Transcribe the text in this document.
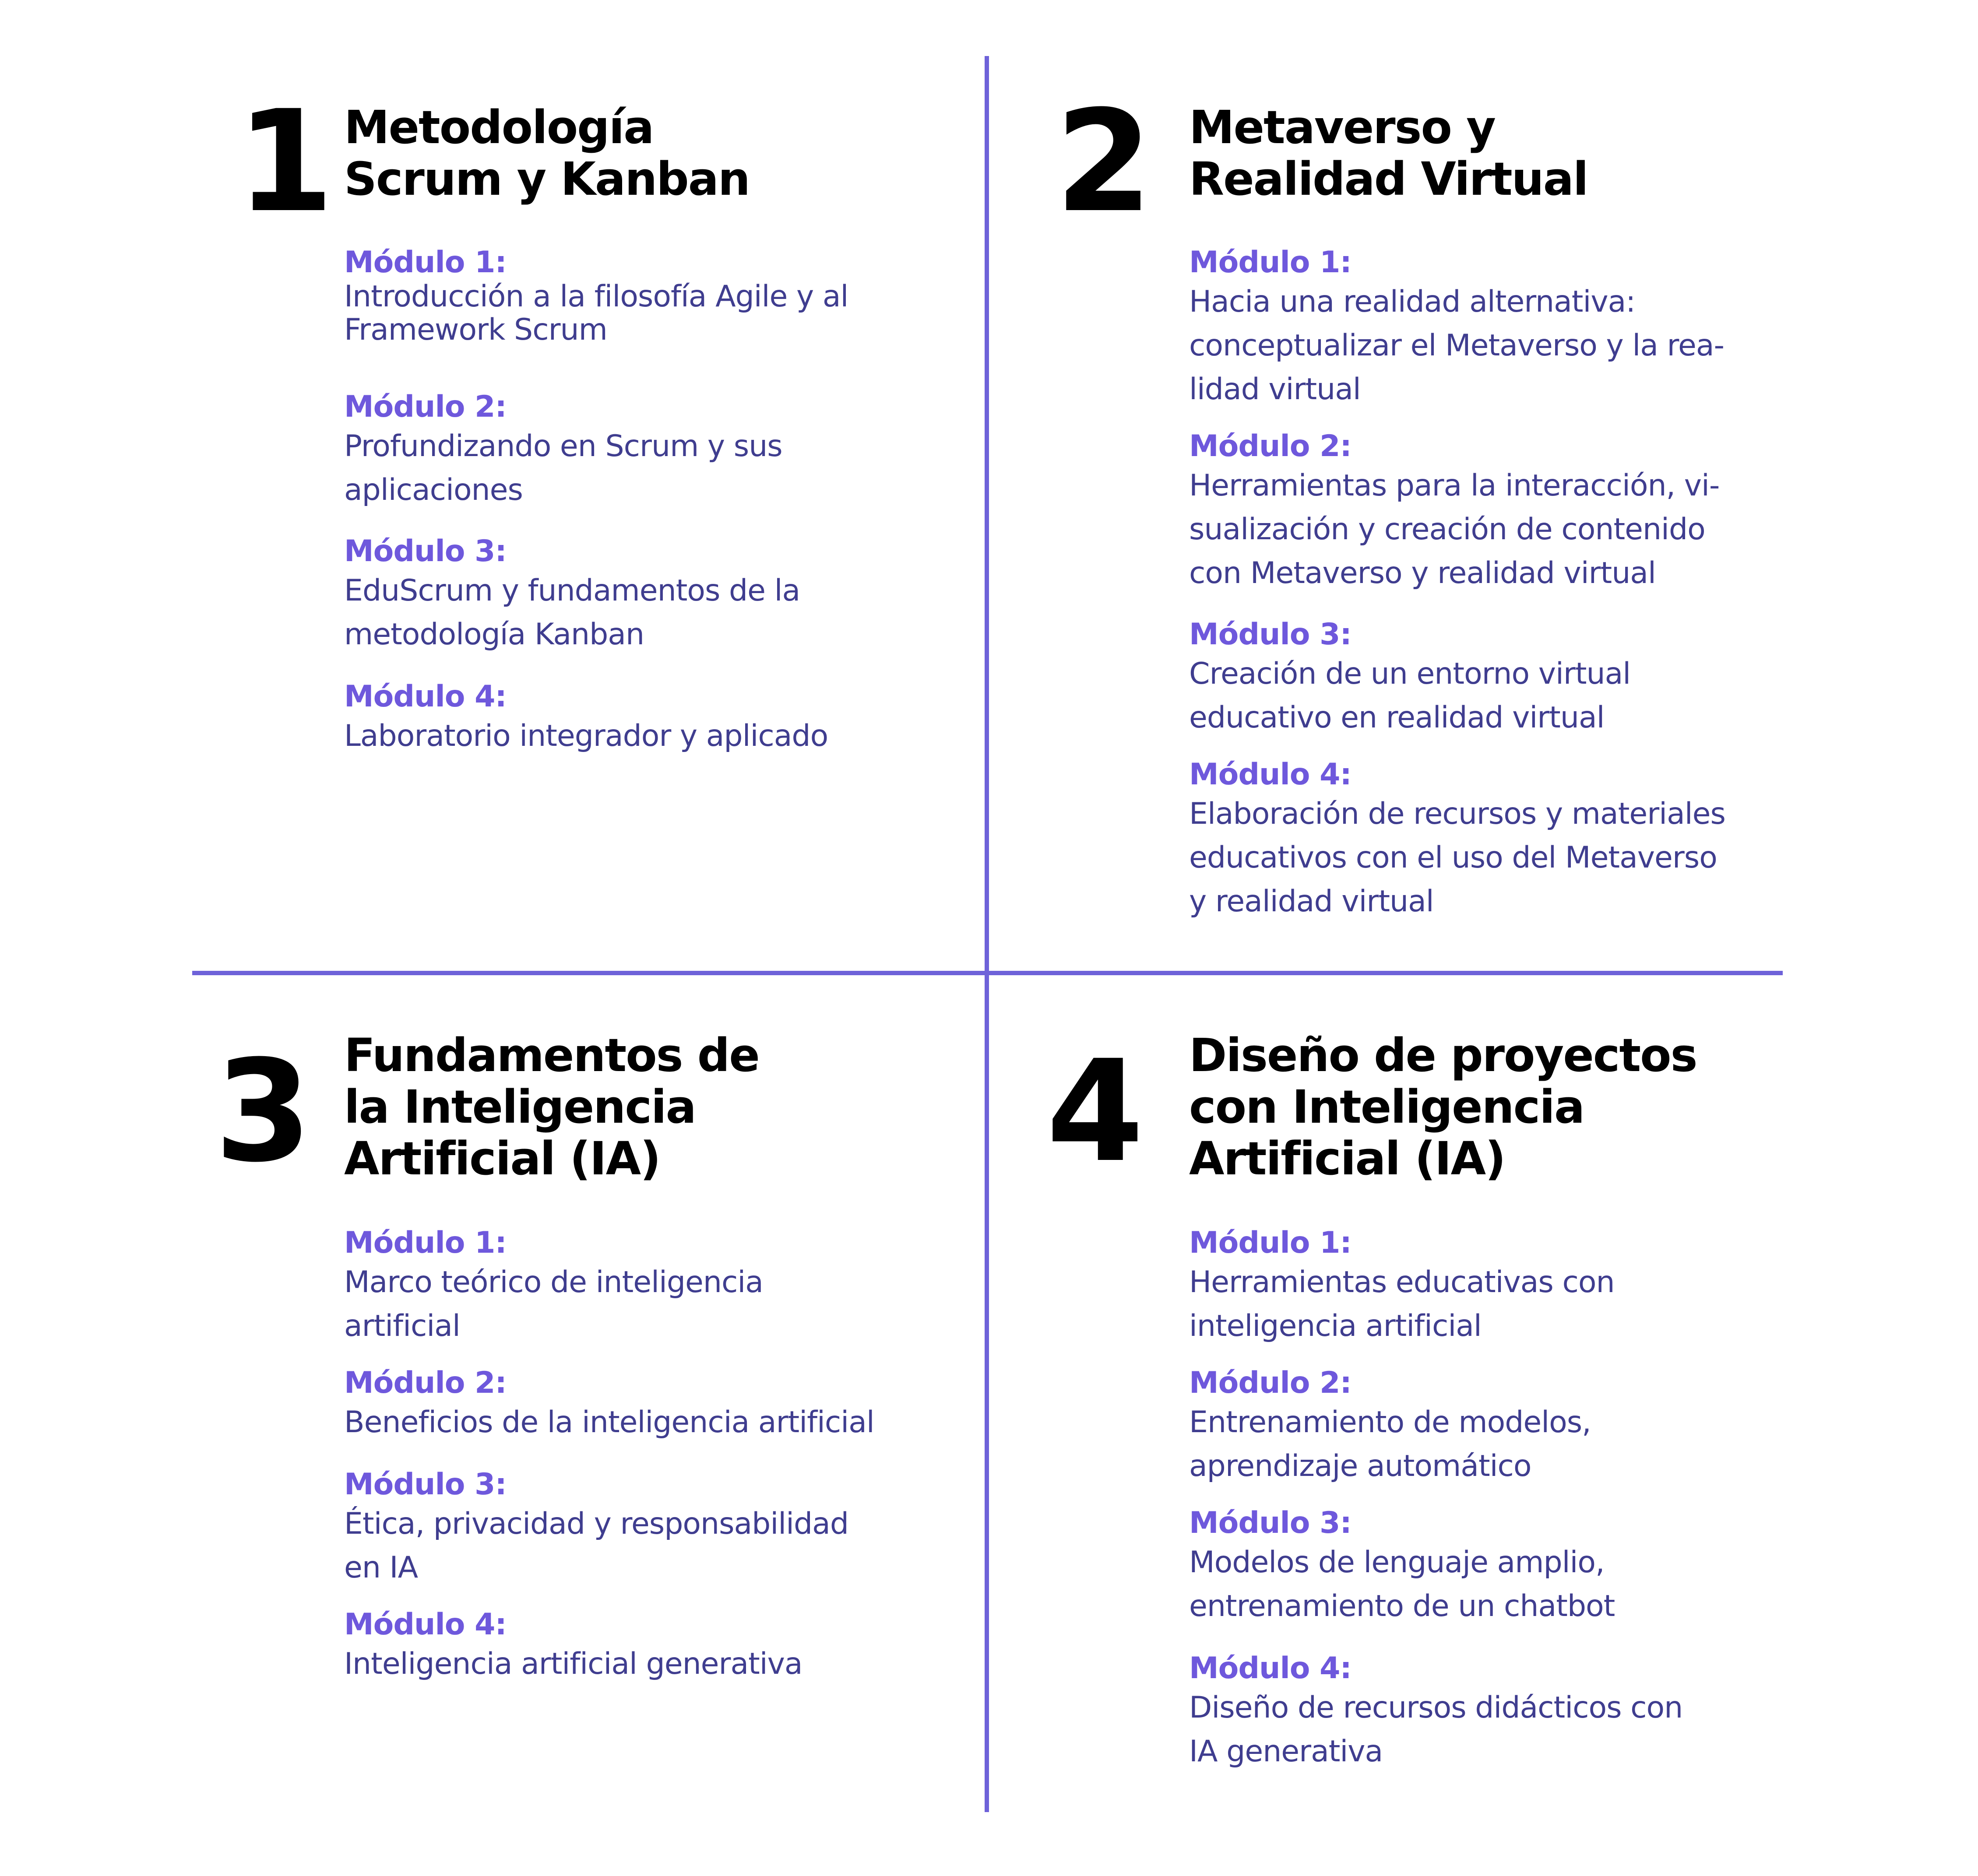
1 Metodología
Scrum y Kanban
Módulo 1:
Introducción a la filosofía Agile y al
Framework Scrum
Módulo 2:
Profundizando en Scrum y sus
aplicaciones
Módulo 3:
EduScrum y fundamentos de la
metodología Kanban
Módulo 4:
Laboratorio integrador y aplicado
2 Metaverso y
Realidad Virtual
Módulo 1:
Hacia una realidad alternativa:
conceptualizar el Metaverso y la rea-
lidad virtual
Módulo 2:
Herramientas para la interacción, vi-
sualización y creación de contenido
con Metaverso y realidad virtual
Módulo 3:
Creación de un entorno virtual
educativo en realidad virtual
Módulo 4:
Elaboración de recursos y materiales
educativos con el uso del Metaverso
y realidad virtual
3 Fundamentos de
la Inteligencia
Artificial (IA)
Módulo 1:
Marco teórico de inteligencia
artificial
Módulo 2:
Beneficios de la inteligencia artificial
Módulo 3:
Ética, privacidad y responsabilidad
en IA
Módulo 4:
Inteligencia artificial generativa
4 Diseño de proyectos
con Inteligencia
Artificial (IA)
Módulo 1:
Herramientas educativas con
inteligencia artificial
Módulo 2:
Entrenamiento de modelos,
aprendizaje automático
Módulo 3:
Modelos de lenguaje amplio,
entrenamiento de un chatbot
Módulo 4:
Diseño de recursos didácticos con
IA generativa
